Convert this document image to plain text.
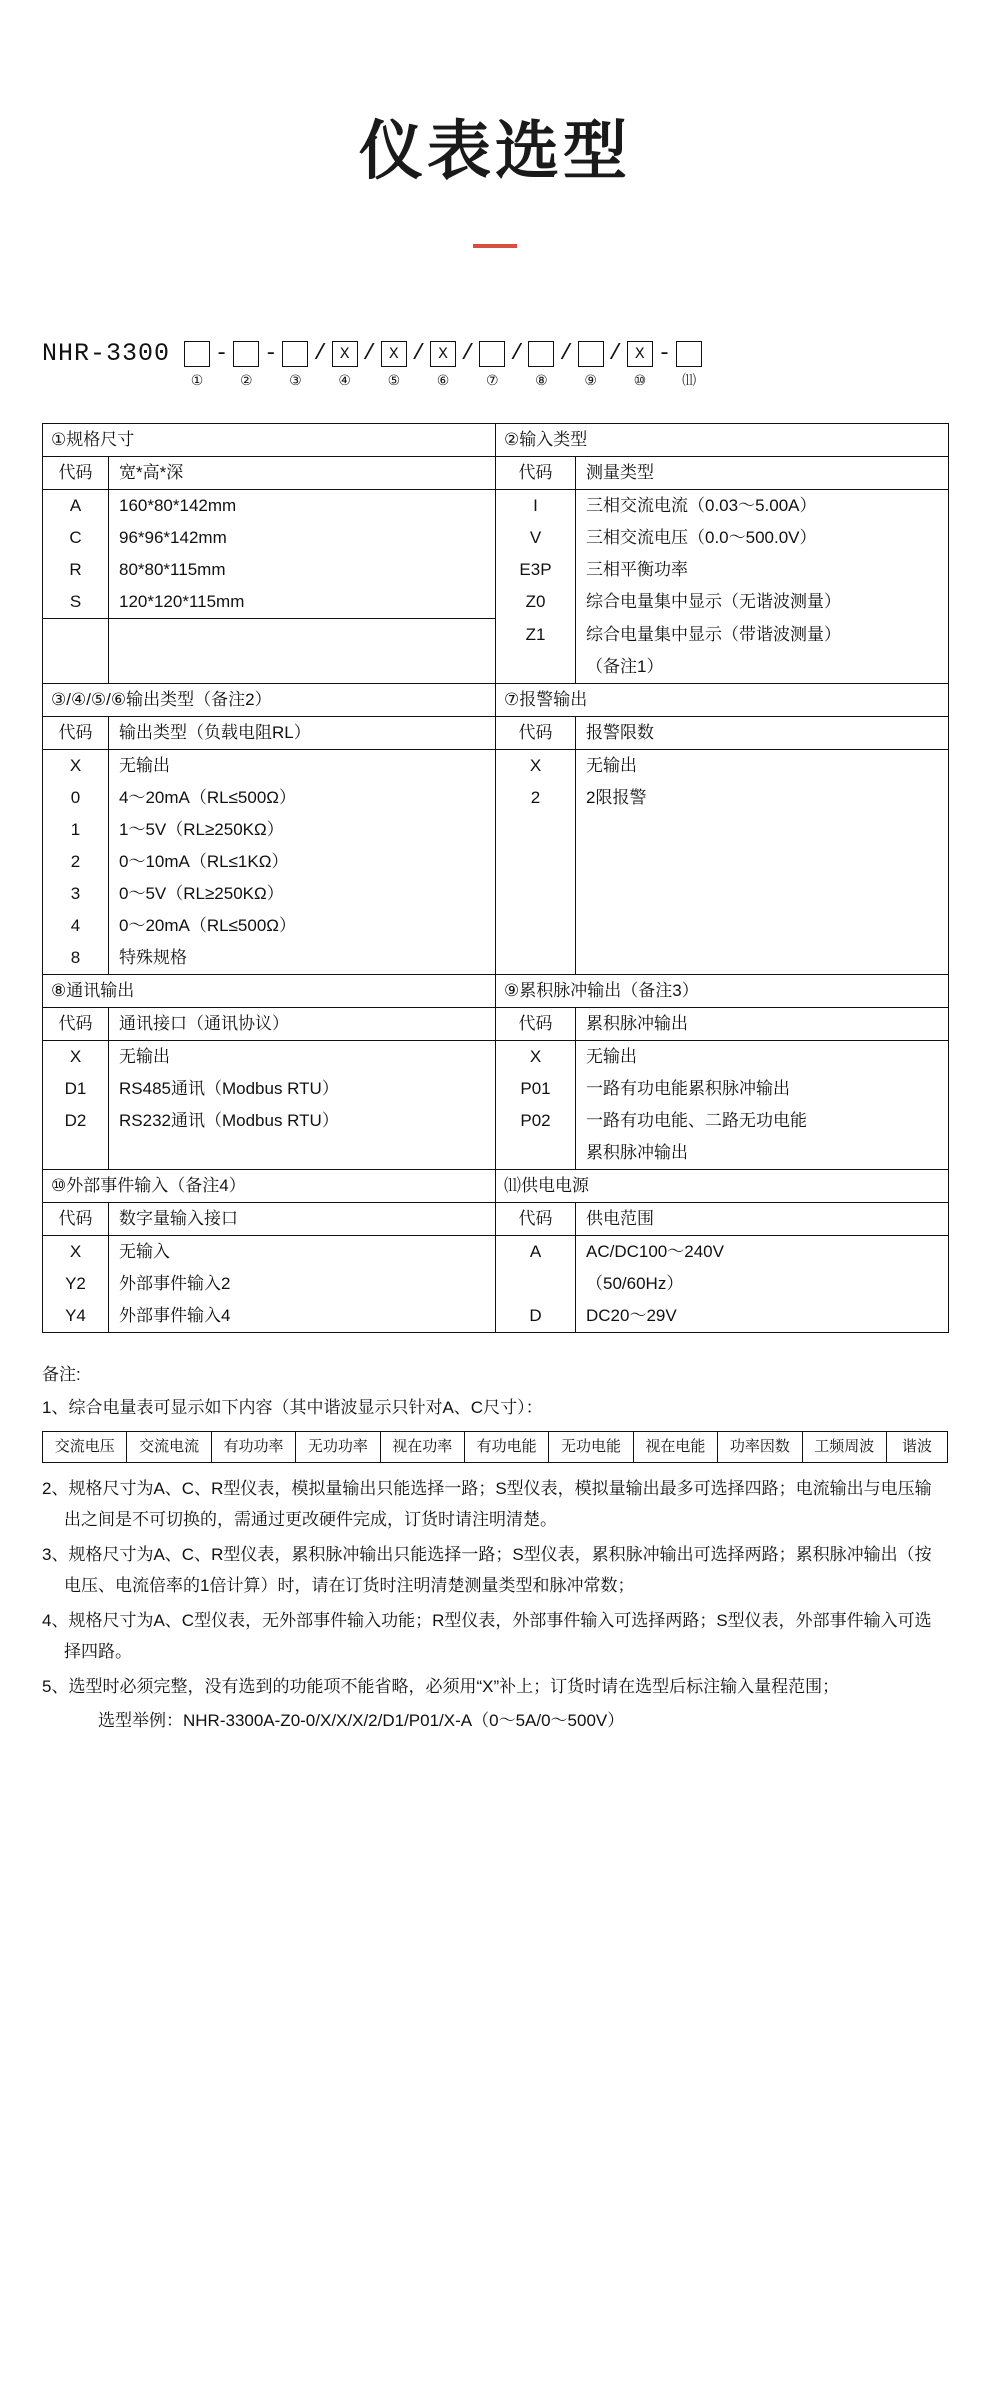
仪表选型
NHR-3300
①
-
②
-
③
/ X
④
/ X
⑤
/ X
⑥
/
⑦
/
⑧
/
⑨
/ X
⑩
-
⑾
①规格尺寸		②输入类型	
代码	宽*高*深	代码	测量类型
A	160*80*142mm	I	三相交流电流（0.03～5.00A）
C	96*96*142mm	V	三相交流电压（0.0～500.0V）
R	80*80*115mm	E3P	三相平衡功率
S	120*120*115mm	Z0	综合电量集中显示（无谐波测量）
		Z1	综合电量集中显示（带谐波测量）
			（备注1）
③/④/⑤/⑥输出类型（备注2）		⑦报警输出	
代码	输出类型（负载电阻RL）	代码	报警限数
X	无输出	X	无输出
0	4～20mA（RL≤500Ω）	2	2限报警
1	1～5V（RL≥250KΩ）		
2	0～10mA（RL≤1KΩ）		
3	0～5V（RL≥250KΩ）		
4	0～20mA（RL≤500Ω）		
8	特殊规格		
⑧通讯输出		⑨累积脉冲输出（备注3）	
代码	通讯接口（通讯协议）	代码	累积脉冲输出
X	无输出	X	无输出
D1	RS485通讯（Modbus RTU）	P01	一路有功电能累积脉冲输出
D2	RS232通讯（Modbus RTU）	P02	一路有功电能、二路无功电能
			累积脉冲输出
⑩外部事件输入（备注4）		⑾供电电源	
代码	数字量输入接口	代码	供电范围
X	无输入	A	AC/DC100～240V
Y2	外部事件输入2		（50/60Hz）
Y4	外部事件输入4	D	DC20～29V

备注:

1、综合电量表可显示如下内容（其中谐波显示只针对A、C尺寸）：

交流电压	交流电流	有功功率	无功功率	视在功率	有功电能	无功电能	视在电能	功率因数	工频周波	谐波

2、规格尺寸为A、C、R型仪表，模拟量输出只能选择一路；S型仪表，模拟量输出最多可选择四路；电流输出与电压输出之间是不可切换的，需通过更改硬件完成，订货时请注明清楚。

3、规格尺寸为A、C、R型仪表，累积脉冲输出只能选择一路；S型仪表，累积脉冲输出可选择两路；累积脉冲输出（按电压、电流倍率的1倍计算）时，请在订货时注明清楚测量类型和脉冲常数；

4、规格尺寸为A、C型仪表，无外部事件输入功能；R型仪表，外部事件输入可选择两路；S型仪表，外部事件输入可选择四路。

5、选型时必须完整，没有选到的功能项不能省略，必须用“X”补上；订货时请在选型后标注输入量程范围；

选型举例：NHR-3300A-Z0-0/X/X/X/2/D1/P01/X-A（0～5A/0～500V）
